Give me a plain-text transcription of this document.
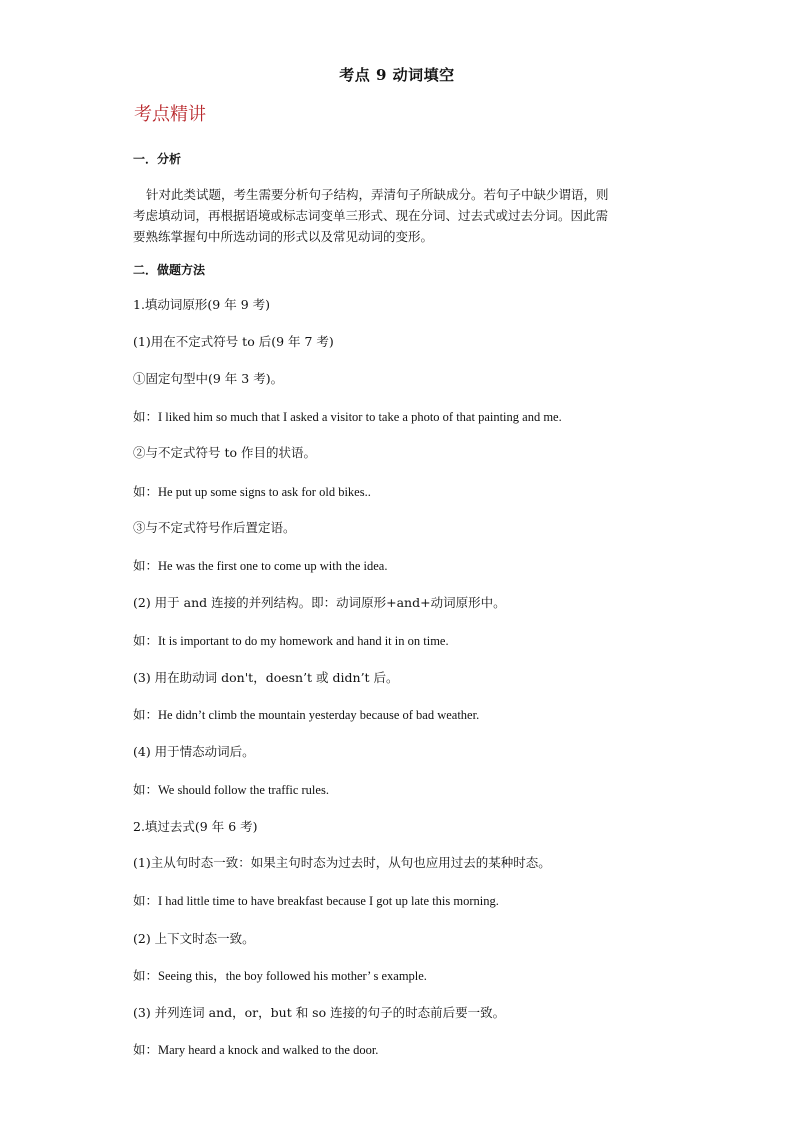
考点 9 动词填空
考点精讲
一．分析
针对此类试题，考生需要分析句子结构，弄清句子所缺成分。若句子中缺少谓语，则
考虑填动词，再根据语境或标志词变单三形式、现在分词、过去式或过去分词。因此需
要熟练掌握句中所选动词的形式以及常见动词的变形。
二．做题方法
1.填动词原形(9 年 9 考)
(1)用在不定式符号 to 后(9 年 7 考)
①固定句型中(9 年 3 考)。
如：I liked him so much that I asked a visitor to take a photo of that painting and me.
②与不定式符号 to 作目的状语。
如：He put up some signs to ask for old bikes..
③与不定式符号作后置定语。
如：He was the first one to come up with the idea.
(2) 用于 and 连接的并列结构。即：动词原形+and+动词原形中。
如：It is important to do my homework and hand it in on time.
(3) 用在助动词 don't，doesn’t 或 didn’t 后。
如：He didn’t climb the mountain yesterday because of bad weather.
(4) 用于情态动词后。
如：We should follow the traffic rules.
2.填过去式(9 年 6 考)
(1)主从句时态一致：如果主句时态为过去时，从句也应用过去的某种时态。
如：I had little time to have breakfast because I got up late this morning.
(2) 上下文时态一致。
如：Seeing this，the boy followed his mother’ s example.
(3) 并列连词 and，or，but 和 so 连接的句子的时态前后要一致。
如：Mary heard a knock and walked to the door.
